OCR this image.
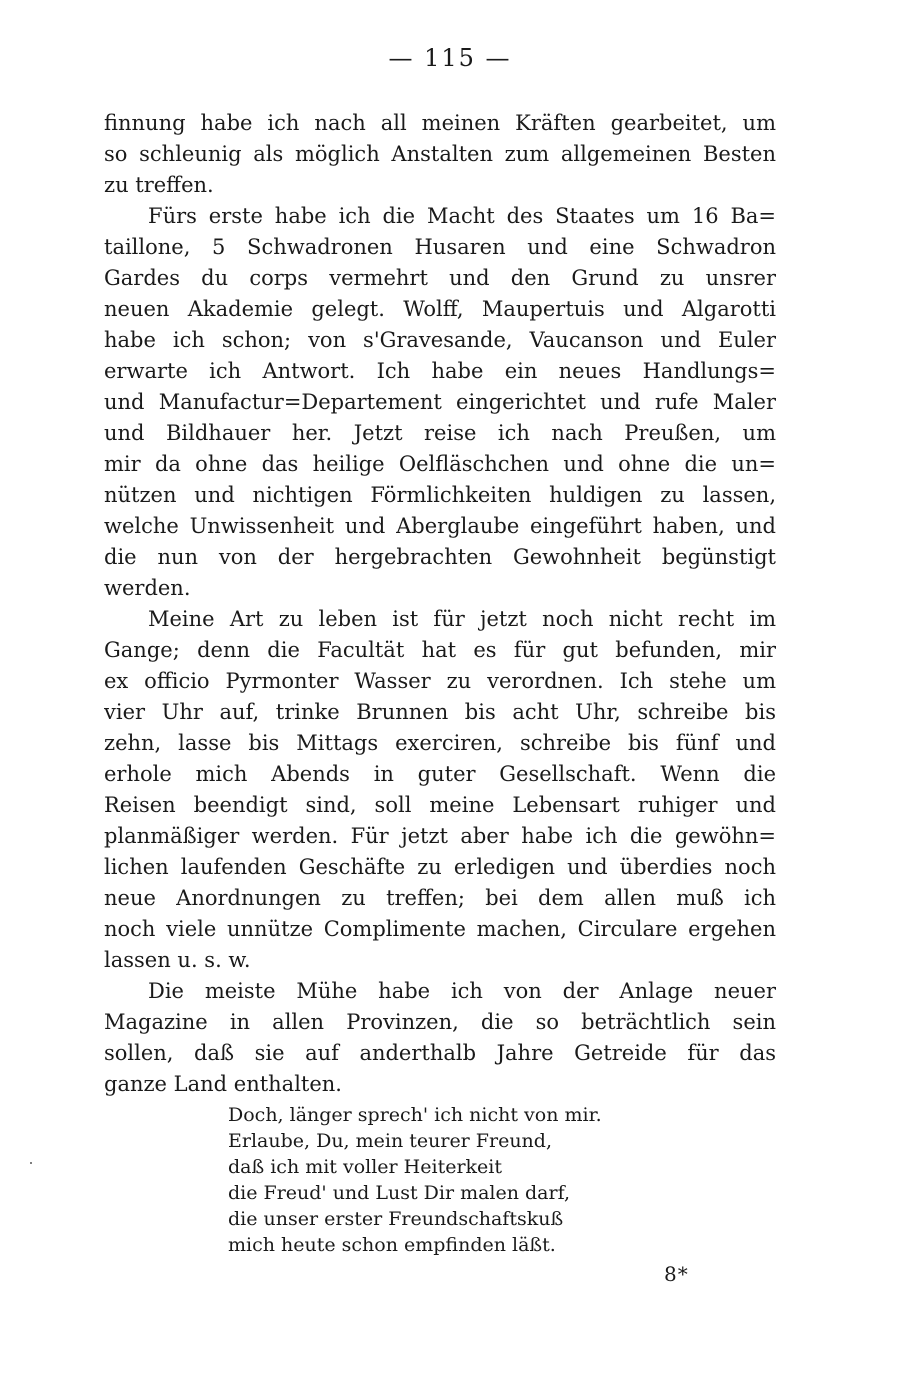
— 115 —
finnung habe ich nach all meinen Kräften gearbeitet, um
so schleunig als möglich Anstalten zum allgemeinen Besten
zu treffen.
Fürs erste habe ich die Macht des Staates um 16 Ba=
taillone, 5 Schwadronen Husaren und eine Schwadron
Gardes du corps vermehrt und den Grund zu unsrer
neuen Akademie gelegt. Wolff, Maupertuis und Algarotti
habe ich schon; von s'Gravesande, Vaucanson und Euler
erwarte ich Antwort. Ich habe ein neues Handlungs=
und Manufactur=Departement eingerichtet und rufe Maler
und Bildhauer her. Jetzt reise ich nach Preußen, um
mir da ohne das heilige Oelfläschchen und ohne die un=
nützen und nichtigen Förmlichkeiten huldigen zu lassen,
welche Unwissenheit und Aberglaube eingeführt haben, und
die nun von der hergebrachten Gewohnheit begünstigt
werden.
Meine Art zu leben ist für jetzt noch nicht recht im
Gange; denn die Facultät hat es für gut befunden, mir
ex officio Pyrmonter Wasser zu verordnen. Ich stehe um
vier Uhr auf, trinke Brunnen bis acht Uhr, schreibe bis
zehn, lasse bis Mittags exerciren, schreibe bis fünf und
erhole mich Abends in guter Gesellschaft. Wenn die
Reisen beendigt sind, soll meine Lebensart ruhiger und
planmäßiger werden. Für jetzt aber habe ich die gewöhn=
lichen laufenden Geschäfte zu erledigen und überdies noch
neue Anordnungen zu treffen; bei dem allen muß ich
noch viele unnütze Complimente machen, Circulare ergehen
lassen u. s. w.
Die meiste Mühe habe ich von der Anlage neuer
Magazine in allen Provinzen, die so beträchtlich sein
sollen, daß sie auf anderthalb Jahre Getreide für das
ganze Land enthalten.
Doch, länger sprech' ich nicht von mir.
Erlaube, Du, mein teurer Freund,
daß ich mit voller Heiterkeit
die Freud' und Lust Dir malen darf,
die unser erster Freundschaftskuß
mich heute schon empfinden läßt.
8*
